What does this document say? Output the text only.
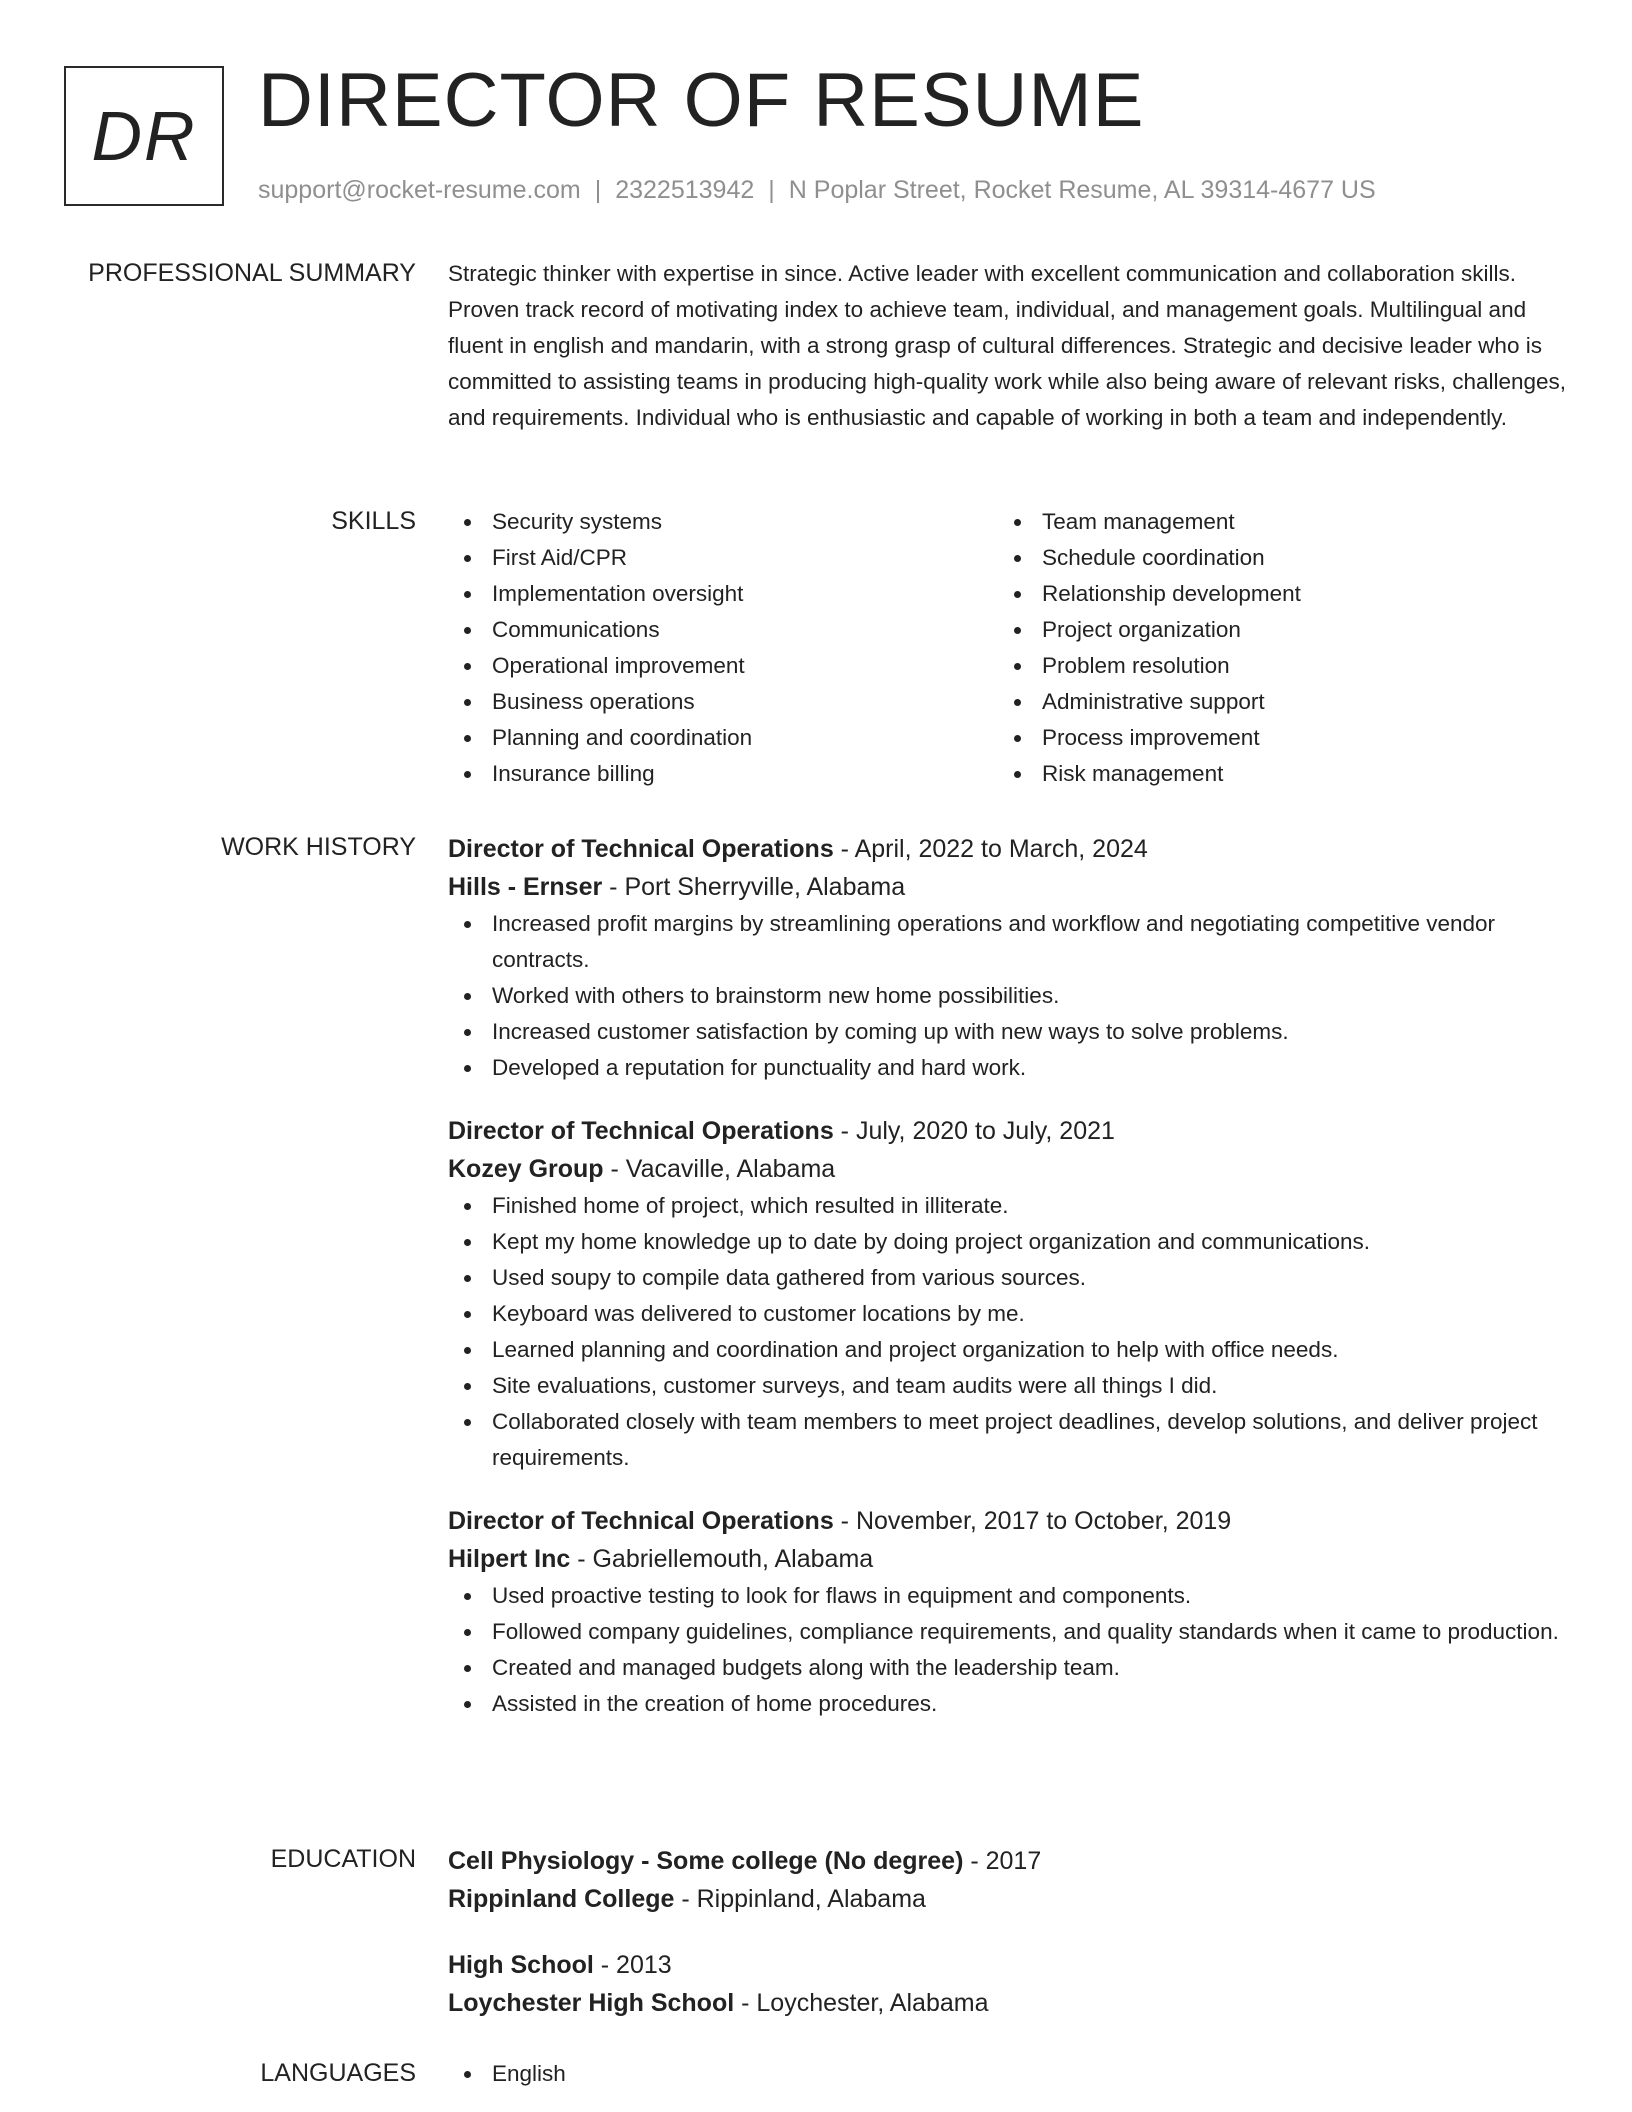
DR DIRECTOR OF RESUME
support@rocket-resume.com | 2322513942 | N Poplar Street, Rocket Resume, AL 39314-4677 US
PROFESSIONAL SUMMARY Strategic thinker with expertise in since. Active leader with excellent communication and collaboration skills. Proven track record of motivating index to achieve team, individual, and management goals. Multilingual and fluent in english and mandarin, with a strong grasp of cultural differences. Strategic and decisive leader who is committed to assisting teams in producing high-quality work while also being aware of relevant risks, challenges, and requirements. Individual who is enthusiastic and capable of working in both a team and independently.

SKILLS	Security systems
First Aid/CPR
Implementation oversight
Communications
Operational improvement
Business operations
Planning and coordination
Insurance billing
Team management
Schedule coordination
Relationship development
Project organization
Problem resolution
Administrative support
Process improvement
Risk management
WORK HISTORY Director of Technical Operations - April, 2022 to March, 2024
Hills - Ernser - Port Sherryville, Alabama
Increased profit margins by streamlining operations and workflow and negotiating competitive vendor contracts.
Worked with others to brainstorm new home possibilities.
Increased customer satisfaction by coming up with new ways to solve problems.
Developed a reputation for punctuality and hard work.
Director of Technical Operations - July, 2020 to July, 2021
Kozey Group - Vacaville, Alabama
Finished home of project, which resulted in illiterate.
Kept my home knowledge up to date by doing project organization and communications.
Used soupy to compile data gathered from various sources.
Keyboard was delivered to customer locations by me.
Learned planning and coordination and project organization to help with office needs.
Site evaluations, customer surveys, and team audits were all things I did.
Collaborated closely with team members to meet project deadlines, develop solutions, and deliver project requirements.
Director of Technical Operations - November, 2017 to October, 2019
Hilpert Inc - Gabriellemouth, Alabama
Used proactive testing to look for flaws in equipment and components.
Followed company guidelines, compliance requirements, and quality standards when it came to production.
Created and managed budgets along with the leadership team.
Assisted in the creation of home procedures.
EDUCATION Cell Physiology - Some college (No degree) - 2017
Rippinland College - Rippinland, Alabama
High School - 2013
Loychester High School - Loychester, Alabama
LANGUAGES	English
